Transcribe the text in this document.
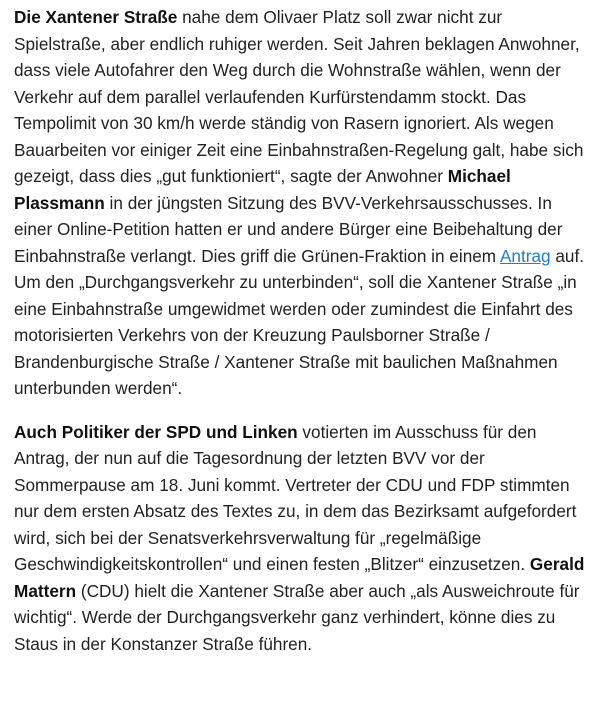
Die Xantener Straße nahe dem Olivaer Platz soll zwar nicht zur Spielstraße, aber endlich ruhiger werden. Seit Jahren beklagen Anwohner, dass viele Autofahrer den Weg durch die Wohnstraße wählen, wenn der Verkehr auf dem parallel verlaufenden Kurfürstendamm stockt. Das Tempolimit von 30 km/h werde ständig von Rasern ignoriert. Als wegen Bauarbeiten vor einiger Zeit eine Einbahnstraßen-Regelung galt, habe sich gezeigt, dass dies „gut funktioniert“, sagte der Anwohner Michael Plassmann in der jüngsten Sitzung des BVV-Verkehrsausschusses. In einer Online-Petition hatten er und andere Bürger eine Beibehaltung der Einbahnstraße verlangt. Dies griff die Grünen-Fraktion in einem Antrag auf. Um den „Durchgangsverkehr zu unterbinden“, soll die Xantener Straße „in eine Einbahnstraße umgewidmet werden oder zumindest die Einfahrt des motorisierten Verkehrs von der Kreuzung Paulsborner Straße / Brandenburgische Straße / Xantener Straße mit baulichen Maßnahmen unterbunden werden“.

Auch Politiker der SPD und Linken votierten im Ausschuss für den Antrag, der nun auf die Tagesordnung der letzten BVV vor der Sommerpause am 18. Juni kommt. Vertreter der CDU und FDP stimmten nur dem ersten Absatz des Textes zu, in dem das Bezirksamt aufgefordert wird, sich bei der Senatsverkehrsverwaltung für „regelmäßige Geschwindigkeitskontrollen“ und einen festen „Blitzer“ einzusetzen. Gerald Mattern (CDU) hielt die Xantener Straße aber auch „als Ausweichroute für wichtig“. Werde der Durchgangsverkehr ganz verhindert, könne dies zu Staus in der Konstanzer Straße führen.
